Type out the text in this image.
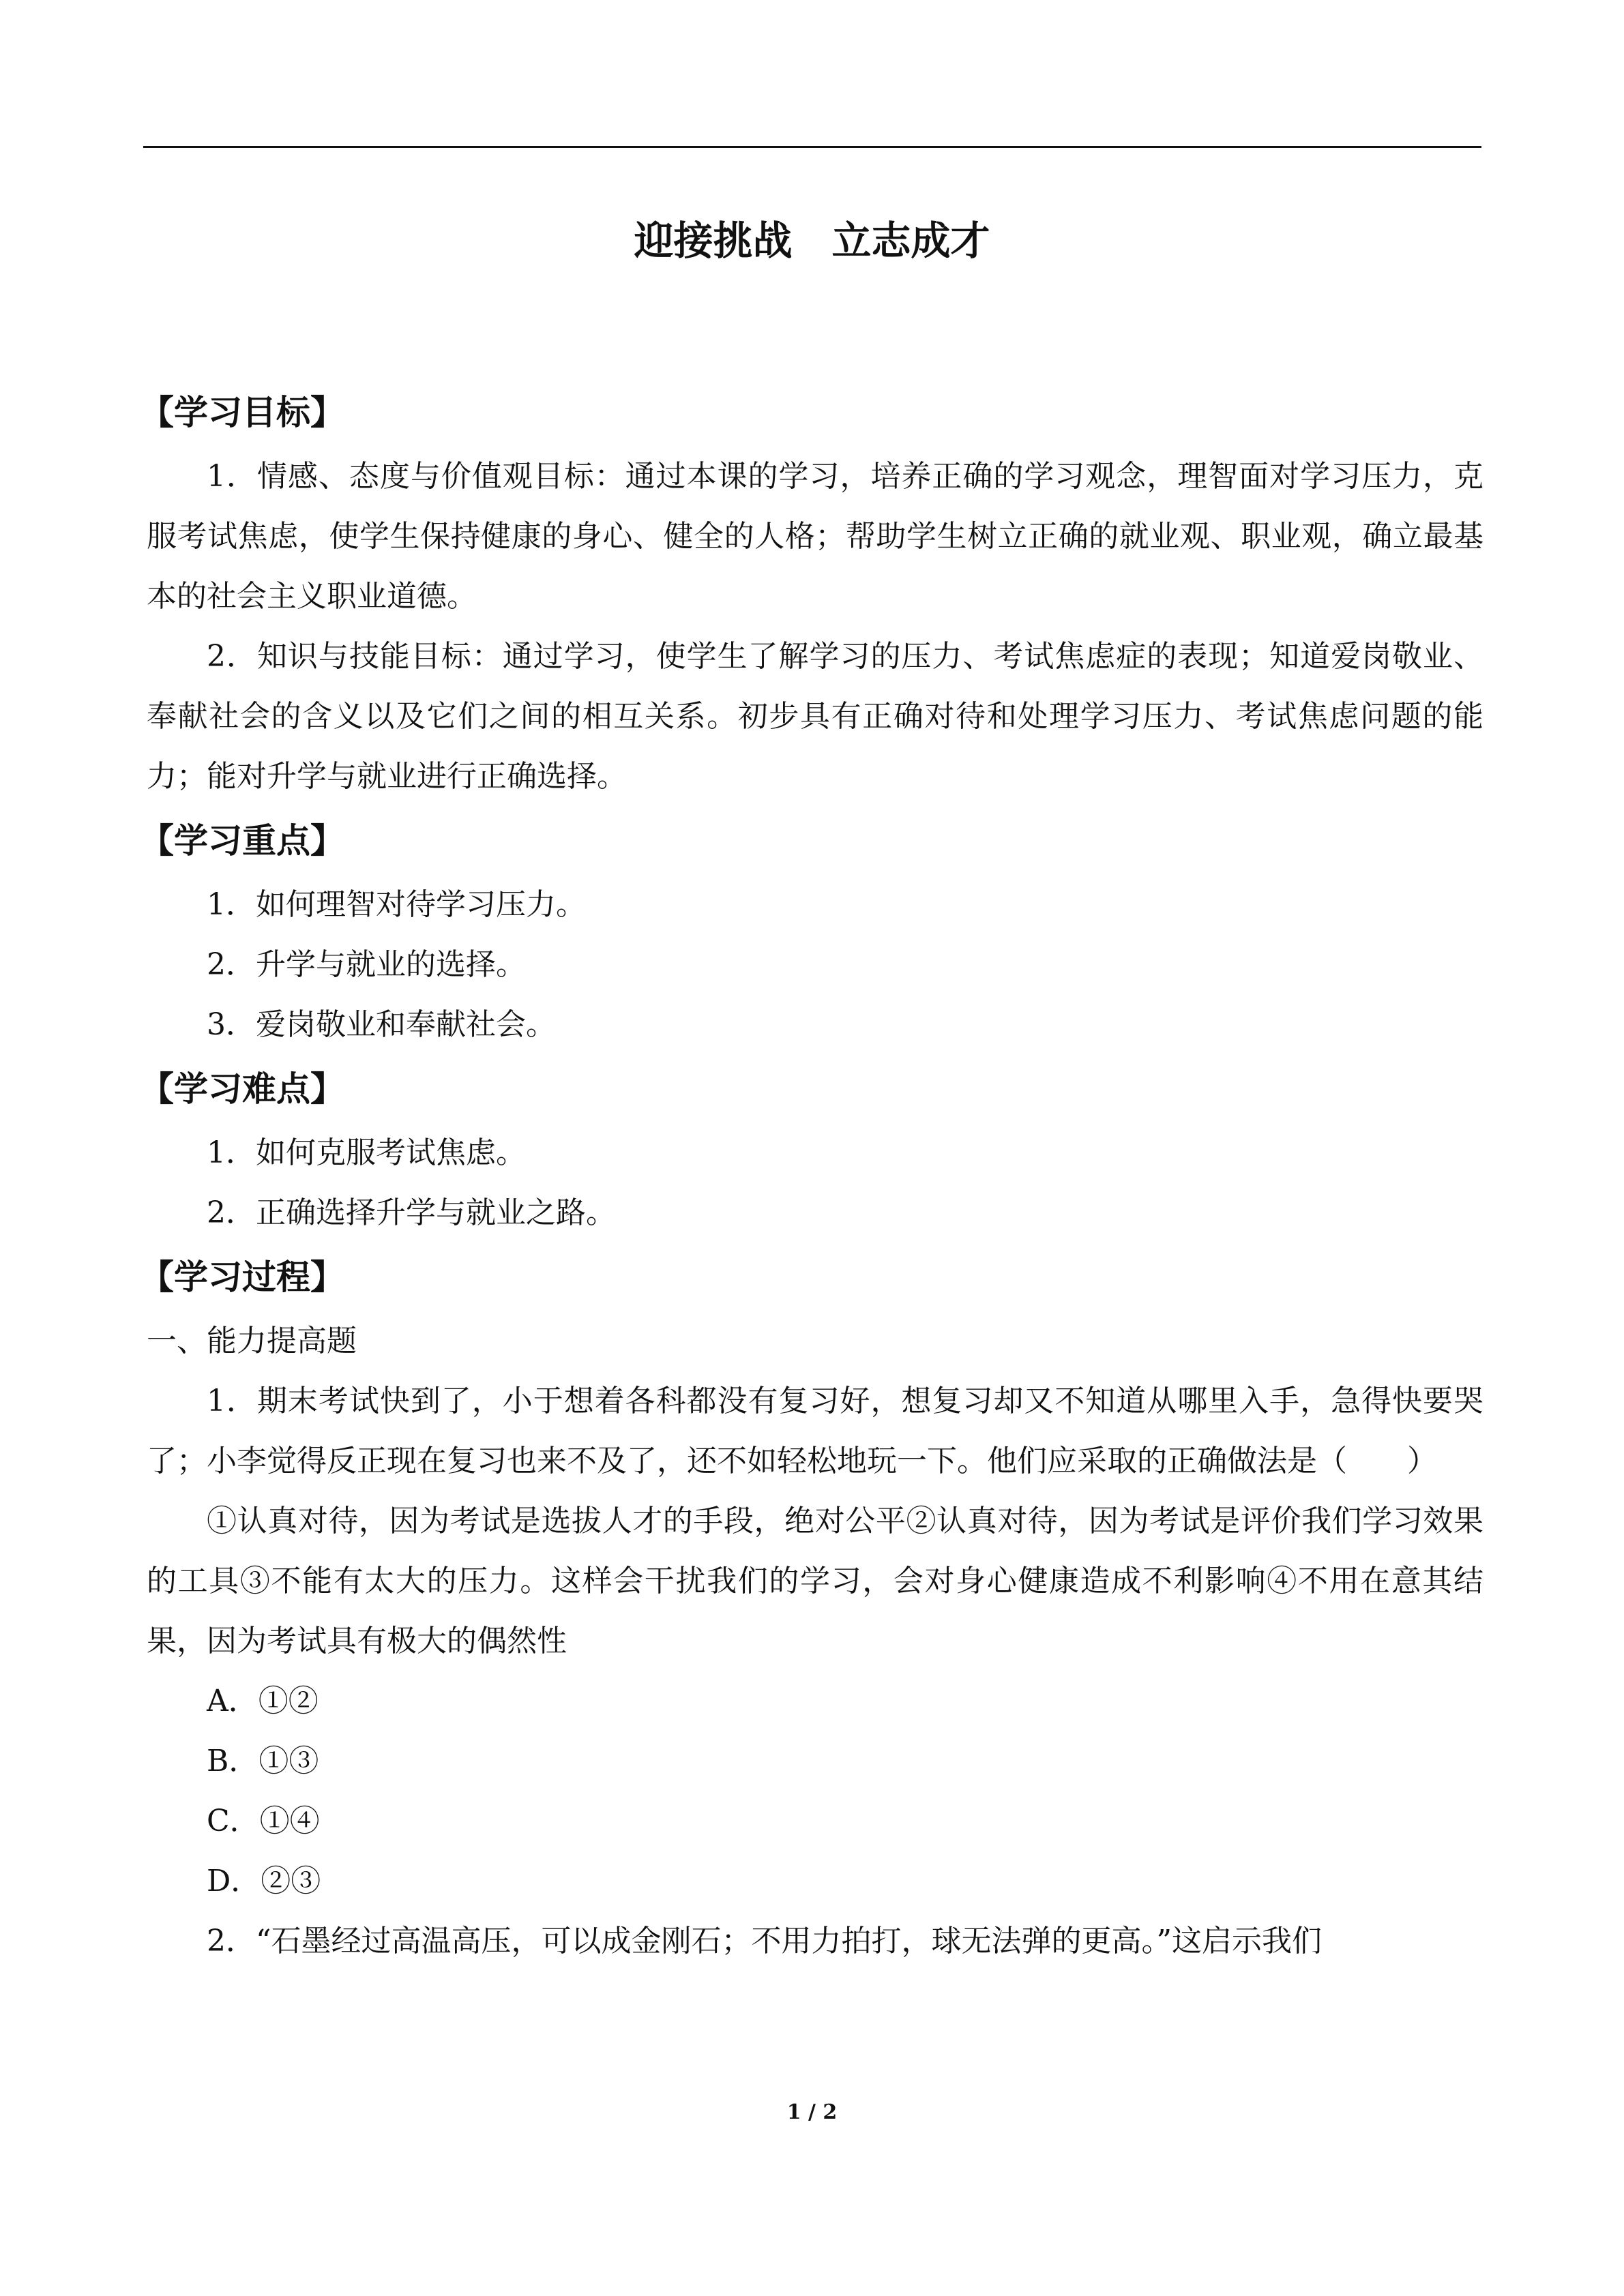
迎接挑战　立志成才
【学习目标】

1．情感、态度与价值观目标：通过本课的学习，培养正确的学习观念，理智面对学习压力，克服考试焦虑，使学生保持健康的身心、健全的人格；帮助学生树立正确的就业观、职业观，确立最基本的社会主义职业道德。

2．知识与技能目标：通过学习，使学生了解学习的压力、考试焦虑症的表现；知道爱岗敬业、奉献社会的含义以及它们之间的相互关系。初步具有正确对待和处理学习压力、考试焦虑问题的能力；能对升学与就业进行正确选择。

【学习重点】

1．如何理智对待学习压力。

2．升学与就业的选择。

3．爱岗敬业和奉献社会。

【学习难点】

1．如何克服考试焦虑。

2．正确选择升学与就业之路。

【学习过程】

一、能力提高题

1．期末考试快到了，小于想着各科都没有复习好，想复习却又不知道从哪里入手，急得快要哭了；小李觉得反正现在复习也来不及了，还不如轻松地玩一下。他们应采取的正确做法是（　　）

①认真对待，因为考试是选拔人才的手段，绝对公平②认真对待，因为考试是评价我们学习效果的工具③不能有太大的压力。这样会干扰我们的学习，会对身心健康造成不利影响④不用在意其结果，因为考试具有极大的偶然性

A．①②

B．①③

C．①④

D．②③

2．“石墨经过高温高压，可以成金刚石；不用力拍打，球无法弹的更高。”这启示我们

1 / 2
